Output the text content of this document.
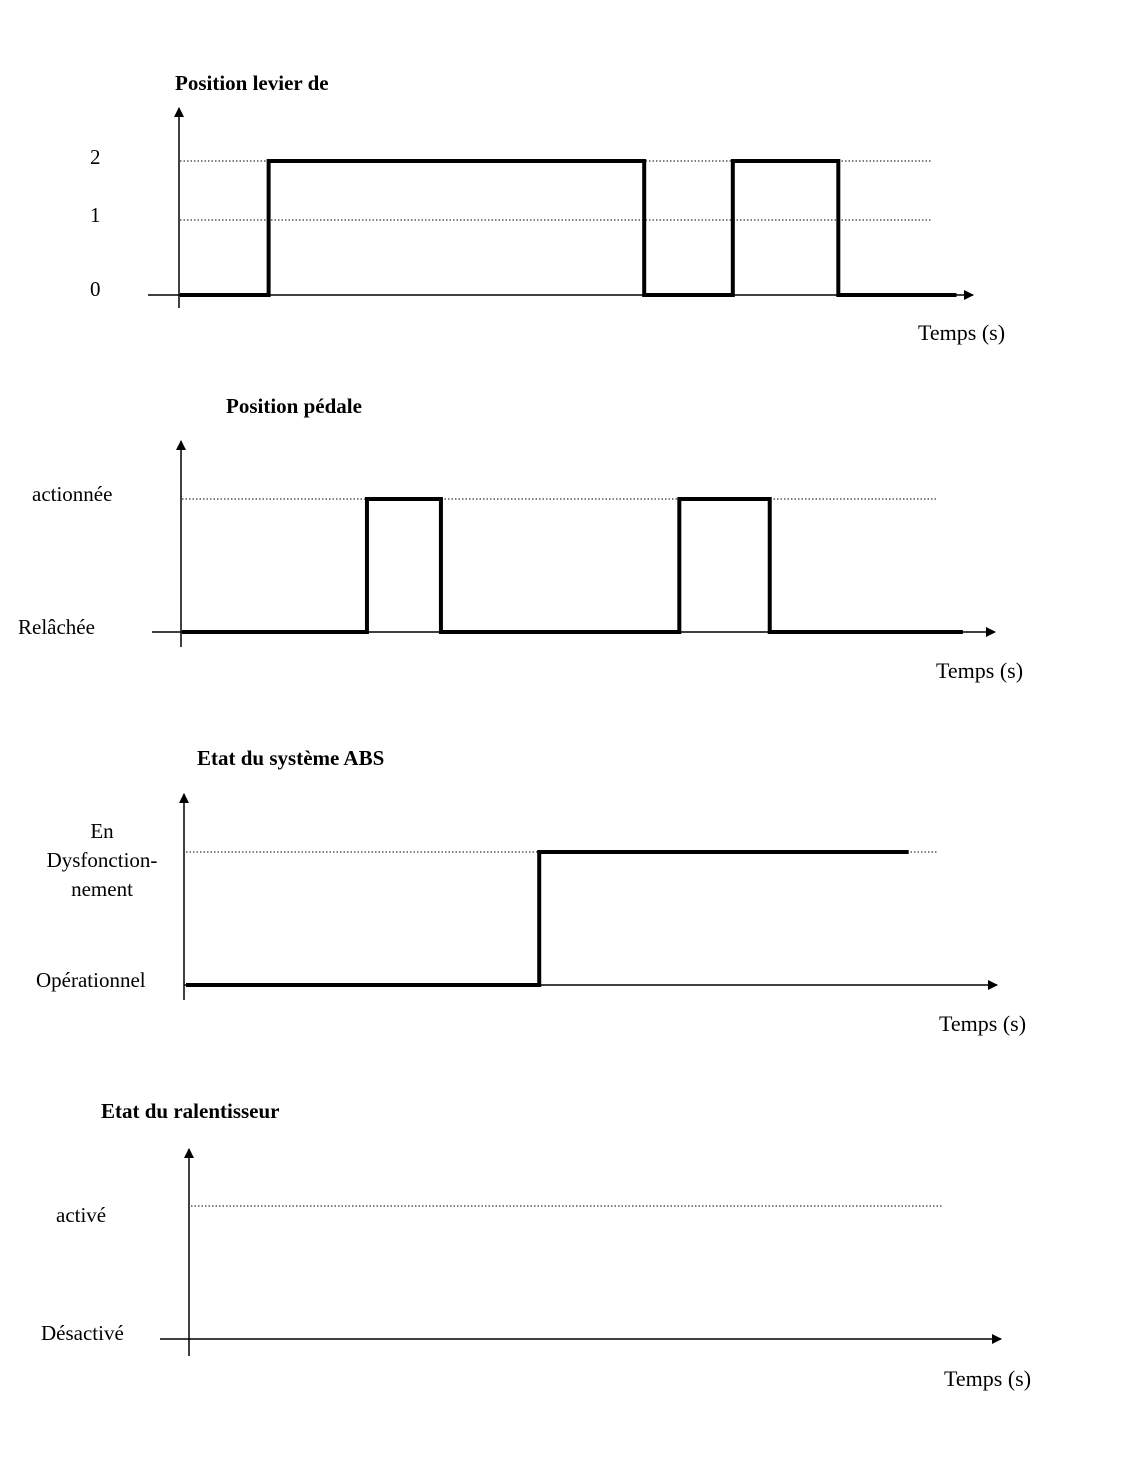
Position levier de
2
1
0
Temps (s)
Position pédale
actionnée
Relâchée
Temps (s)
Etat du système ABS
En Dysfonction-nement
Opérationnel
Temps (s)
Etat du ralentisseur
activé
Désactivé
Temps (s)
